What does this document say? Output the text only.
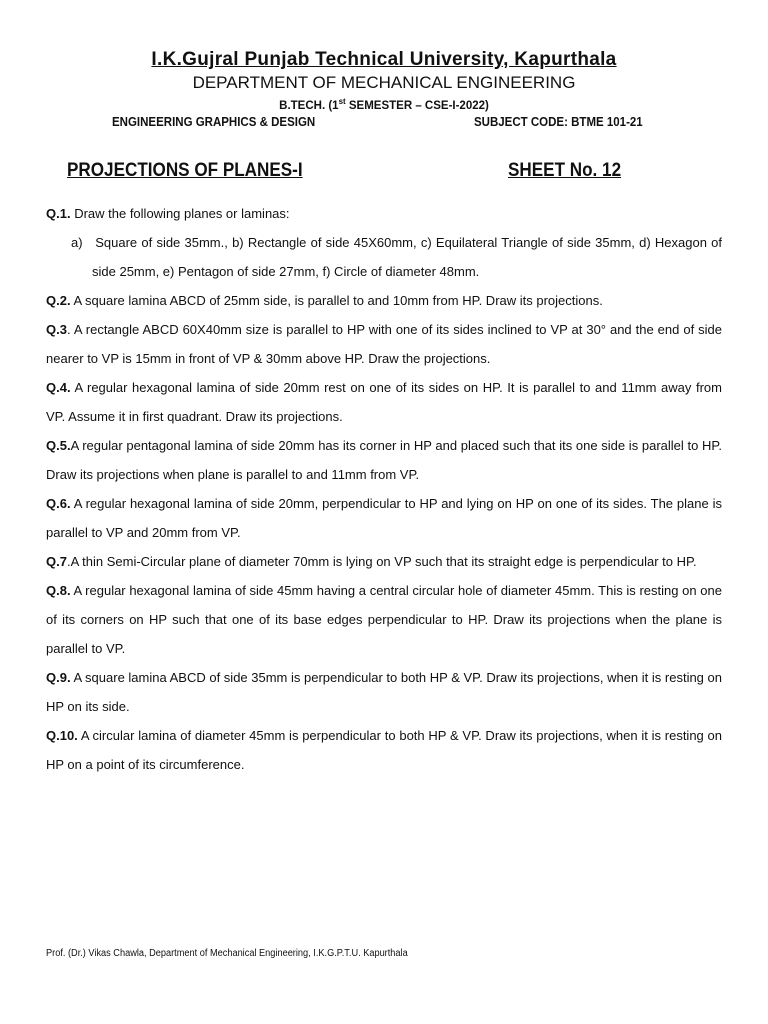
I.K.Gujral Punjab Technical University, Kapurthala
DEPARTMENT OF MECHANICAL ENGINEERING
B.TECH. (1st SEMESTER – CSE-I-2022)
ENGINEERING GRAPHICS & DESIGN	SUBJECT CODE: BTME 101-21
PROJECTIONS OF PLANES-I	SHEET No. 12

Q.1. Draw the following planes or laminas:

a)   Square of side 35mm., b) Rectangle of side 45X60mm, c) Equilateral Triangle of side 35mm, d) Hexagon of side 25mm, e) Pentagon of side 27mm, f) Circle of diameter 48mm.

Q.2. A square lamina ABCD of 25mm side, is parallel to and 10mm from HP. Draw its projections.

Q.3. A rectangle ABCD 60X40mm size is parallel to HP with one of its sides inclined to VP at 30° and the end of side nearer to VP is 15mm in front of VP & 30mm above HP. Draw the projections.

Q.4. A regular hexagonal lamina of side 20mm rest on one of its sides on HP. It is parallel to and 11mm away from VP. Assume it in first quadrant. Draw its projections.

Q.5.A regular pentagonal lamina of side 20mm has its corner in HP and placed such that its one side is parallel to HP. Draw its projections when plane is parallel to and 11mm from VP.

Q.6. A regular hexagonal lamina of side 20mm, perpendicular to HP and lying on HP on one of its sides. The plane is parallel to VP and 20mm from VP.

Q.7.A thin Semi-Circular plane of diameter 70mm is lying on VP such that its straight edge is perpendicular to HP.

Q.8. A regular hexagonal lamina of side 45mm having a central circular hole of diameter 45mm. This is resting on one of its corners on HP such that one of its base edges perpendicular to HP. Draw its projections when the plane is parallel to VP.

Q.9. A square lamina ABCD of side 35mm is perpendicular to both HP & VP. Draw its projections, when it is resting on HP on its side.

Q.10. A circular lamina of diameter 45mm is perpendicular to both HP & VP. Draw its projections, when it is resting on HP on a point of its circumference.

Prof. (Dr.) Vikas Chawla, Department of Mechanical Engineering, I.K.G.P.T.U. Kapurthala
